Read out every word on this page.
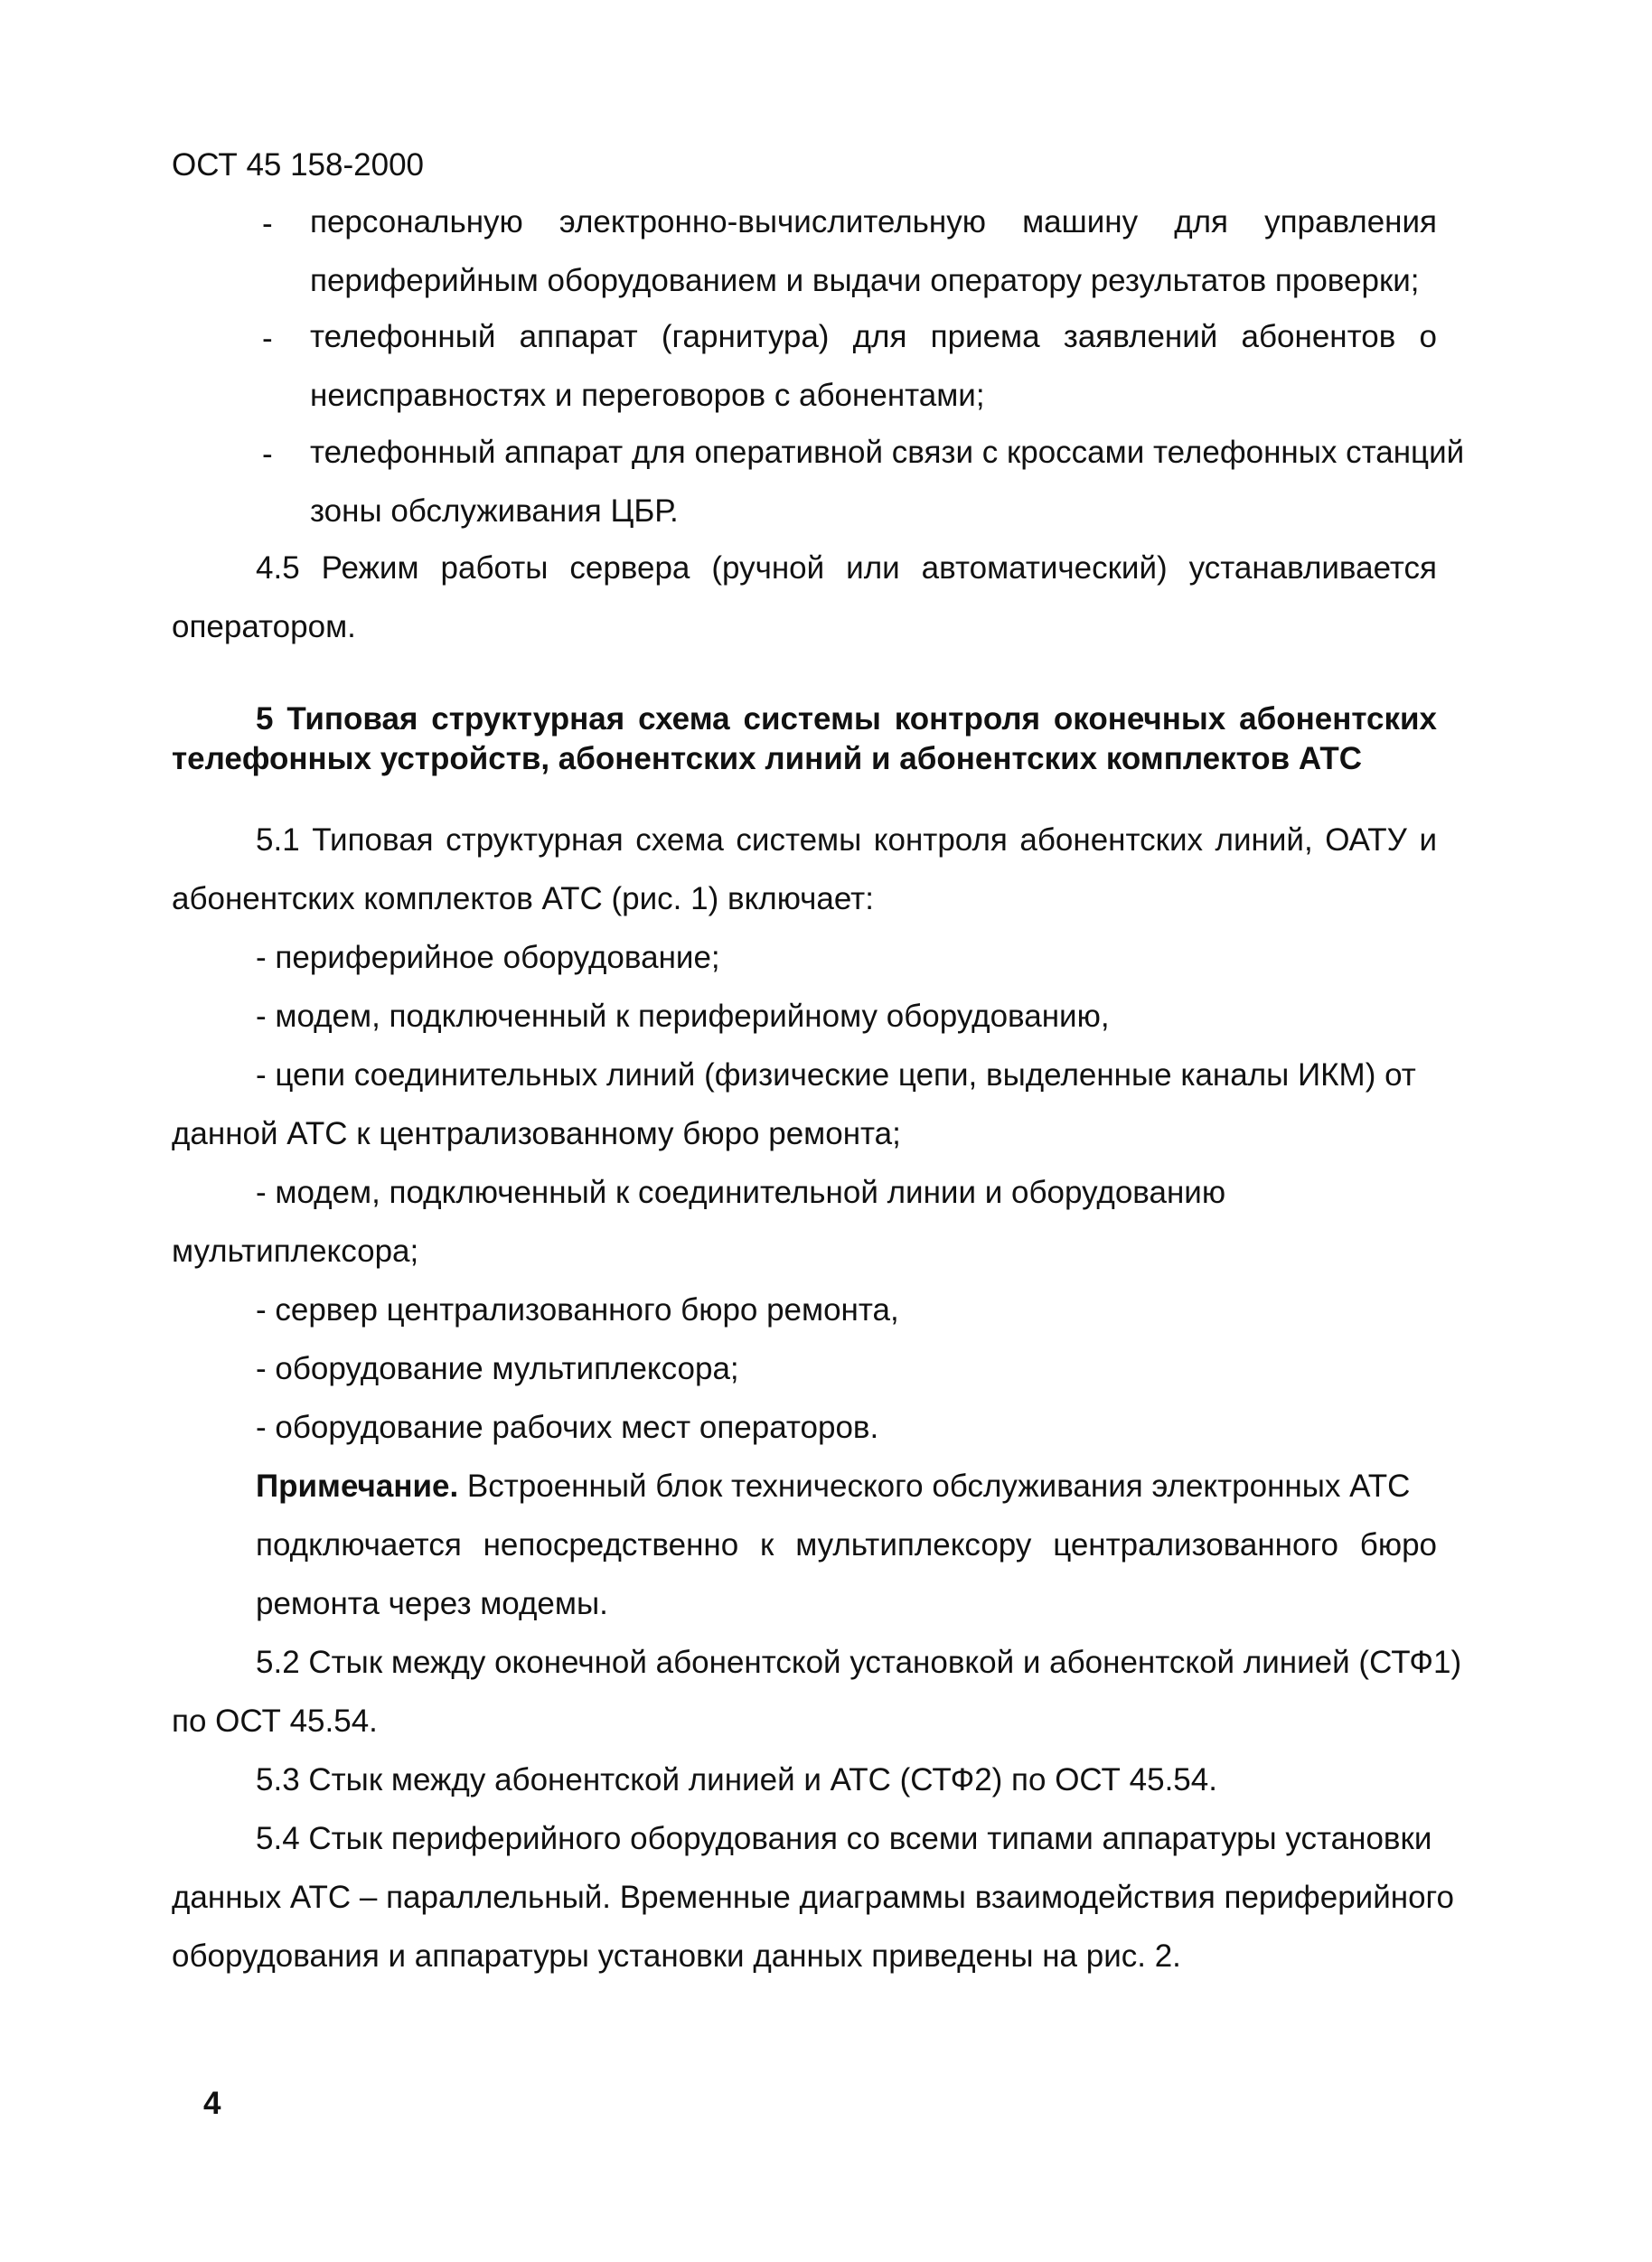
ОСТ 45 158-2000
- персональную электронно-вычислительную машину для управления
периферийным оборудованием и выдачи оператору результатов проверки;
- телефонный аппарат (гарнитура) для приема заявлений абонентов о
неисправностях и переговоров с абонентами;
- телефонный аппарат для оперативной связи с кроссами телефонных станций
зоны обслуживания ЦБР.
4.5 Режим работы сервера (ручной или автоматический) устанавливается
оператором.
5 Типовая структурная схема системы контроля оконечных абонентских
телефонных устройств, абонентских линий и абонентских комплектов АТС
5.1 Типовая структурная схема системы контроля абонентских линий, ОАТУ и
абонентских комплектов АТС (рис. 1) включает:
- периферийное оборудование;
- модем, подключенный к периферийному оборудованию,
- цепи соединительных линий (физические цепи, выделенные каналы ИКМ) от
данной АТС к централизованному бюро ремонта;
- модем, подключенный к соединительной линии и оборудованию
мультиплексора;
- сервер централизованного бюро ремонта,
- оборудование мультиплексора;
- оборудование рабочих мест операторов.
Примечание. Встроенный блок технического обслуживания электронных АТС
подключается непосредственно к мультиплексору централизованного бюро
ремонта через модемы.
5.2 Стык между оконечной абонентской установкой и абонентской линией (СТФ1)
по ОСТ 45.54.
5.3 Стык между абонентской линией и АТС (СТФ2) по ОСТ 45.54.
5.4 Стык периферийного оборудования со всеми типами аппаратуры установки
данных АТС – параллельный. Временные диаграммы взаимодействия периферийного
оборудования и аппаратуры установки данных приведены на рис. 2.
4
